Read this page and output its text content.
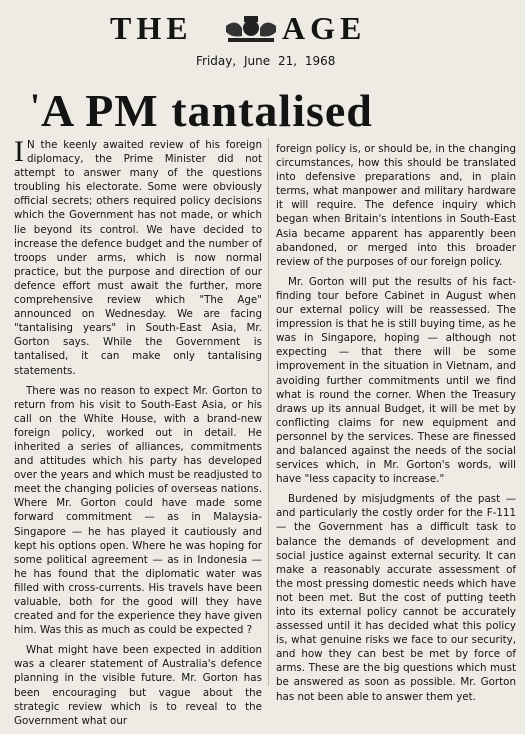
THE	AGE
Friday, June 21, 1968
'A PM tantalised

I N the keenly awaited review of his foreign diplomacy, the Prime Minister did not attempt to answer many of the questions troubling his electorate. Some were obviously official secrets; others required policy decisions which the Government has not made, or which lie beyond its control. We have decided to increase the defence budget and the number of troops under arms, which is now normal practice, but the purpose and direction of our defence effort must await the further, more comprehensive review which "The Age" announced on Wednesday. We are facing "tantalising years" in South-East Asia, Mr. Gorton says. While the Government is tantalised, it can make only tantalising statements.

There was no reason to expect Mr. Gorton to return from his visit to South-East Asia, or his call on the White House, with a brand-new foreign policy, worked out in detail. He inherited a series of alliances, commitments and attitudes which his party has developed over the years and which must be readjusted to meet the changing policies of overseas nations. Where Mr. Gorton could have made some forward commitment — as in Malaysia-Singapore — he has played it cautiously and kept his options open. Where he was hoping for some political agreement — as in Indonesia — he has found that the diplomatic water was filled with cross-currents. His travels have been valuable, both for the good will they have created and for the experience they have given him. Was this as much as could be expected ?

What might have been expected in addition was a clearer statement of Australia's defence planning in the visible future. Mr. Gorton has been encouraging but vague about the strategic review which is to reveal to the Government what our

foreign policy is, or should be, in the changing circumstances, how this should be translated into defensive preparations and, in plain terms, what manpower and military hardware it will require. The defence inquiry which began when Britain's intentions in South-East Asia became apparent has apparently been abandoned, or merged into this broader review of the purposes of our foreign policy.

Mr. Gorton will put the results of his fact-finding tour before Cabinet in August when our external policy will be reassessed. The impression is that he is still buying time, as he was in Singapore, hoping — although not expecting — that there will be some improvement in the situation in Vietnam, and avoiding further commitments until we find what is round the corner. When the Treasury draws up its annual Budget, it will be met by conflicting claims for new equipment and personnel by the services. These are finessed and balanced against the needs of the social services which, in Mr. Gorton's words, will have "less capacity to increase."

Burdened by misjudgments of the past — and particularly the costly order for the F-111 — the Government has a difficult task to balance the demands of development and social justice against external security. It can make a reasonably accurate assessment of the most pressing domestic needs which have not been met. But the cost of putting teeth into its external policy cannot be accurately assessed until it has decided what this policy is, what genuine risks we face to our security, and how they can best be met by force of arms. These are the big questions which must be answered as soon as possible. Mr. Gorton has not been able to answer them yet.
